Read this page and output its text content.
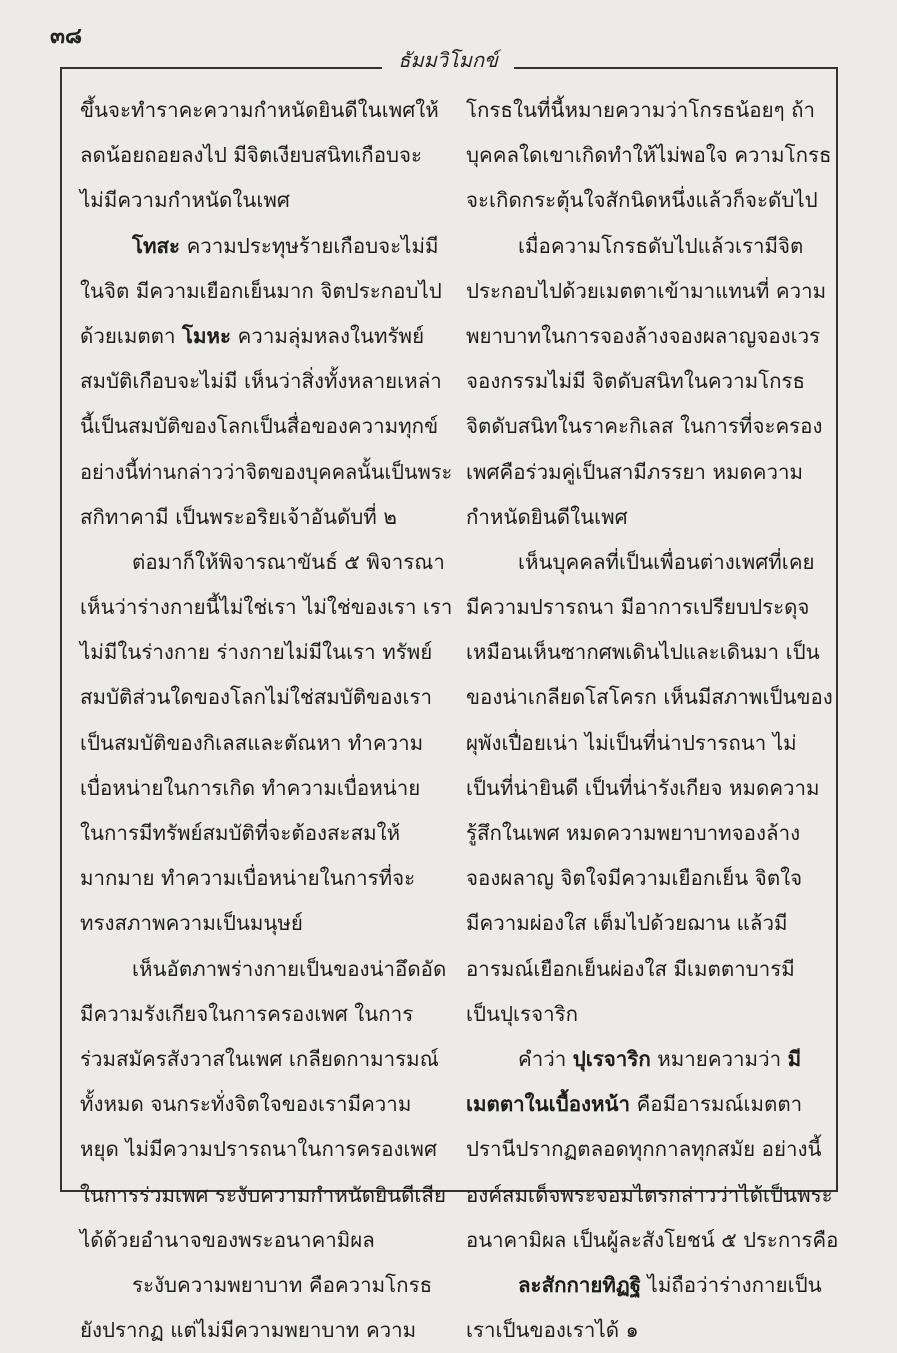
๓๘
ธัมมวิโมกข์
ขึ้นจะทำราคะความกำหนัดยินดีในเพศให้
ลดน้อยถอยลงไป มีจิตเงียบสนิทเกือบจะ
ไม่มีความกำหนัดในเพศ
โทสะ ความประทุษร้ายเกือบจะไม่มี
ในจิต มีความเยือกเย็นมาก จิตประกอบไป
ด้วยเมตตา โมหะ ความลุ่มหลงในทรัพย์
สมบัติเกือบจะไม่มี เห็นว่าสิ่งทั้งหลายเหล่า
นี้เป็นสมบัติของโลกเป็นสื่อของความทุกข์
อย่างนี้ท่านกล่าวว่าจิตของบุคคลนั้นเป็นพระ
สกิทาคามี เป็นพระอริยเจ้าอันดับที่ ๒
ต่อมาก็ให้พิจารณาขันธ์ ๕ พิจารณา
เห็นว่าร่างกายนี้ไม่ใช่เรา ไม่ใช่ของเรา เรา
ไม่มีในร่างกาย ร่างกายไม่มีในเรา ทรัพย์
สมบัติส่วนใดของโลกไม่ใช่สมบัติของเรา
เป็นสมบัติของกิเลสและตัณหา ทำความ
เบื่อหน่ายในการเกิด ทำความเบื่อหน่าย
ในการมีทรัพย์สมบัติที่จะต้องสะสมให้
มากมาย ทำความเบื่อหน่ายในการที่จะ
ทรงสภาพความเป็นมนุษย์
เห็นอัตภาพร่างกายเป็นของน่าอึดอัด
มีความรังเกียจในการครองเพศ ในการ
ร่วมสมัครสังวาสในเพศ เกลียดกามารมณ์
ทั้งหมด จนกระทั่งจิตใจของเรามีความ
หยุด ไม่มีความปรารถนาในการครองเพศ
ในการร่วมเพศ ระงับความกำหนัดยินดีเสีย
ได้ด้วยอำนาจของพระอนาคามิผล
ระงับความพยาบาท คือความโกรธ
ยังปรากฏ แต่ไม่มีความพยาบาท ความ
โกรธในที่นี้หมายความว่าโกรธน้อยๆ ถ้า
บุคคลใดเขาเกิดทำให้ไม่พอใจ ความโกรธ
จะเกิดกระตุ้นใจสักนิดหนึ่งแล้วก็จะดับไป
เมื่อความโกรธดับไปแล้วเรามีจิต
ประกอบไปด้วยเมตตาเข้ามาแทนที่ ความ
พยาบาทในการจองล้างจองผลาญจองเวร
จองกรรมไม่มี จิตดับสนิทในความโกรธ
จิตดับสนิทในราคะกิเลส ในการที่จะครอง
เพศคือร่วมคู่เป็นสามีภรรยา หมดความ
กำหนัดยินดีในเพศ
เห็นบุคคลที่เป็นเพื่อนต่างเพศที่เคย
มีความปรารถนา มีอาการเปรียบประดุจ
เหมือนเห็นซากศพเดินไปและเดินมา เป็น
ของน่าเกลียดโสโครก เห็นมีสภาพเป็นของ
ผุพังเปื่อยเน่า ไม่เป็นที่น่าปรารถนา ไม่
เป็นที่น่ายินดี เป็นที่น่ารังเกียจ หมดความ
รู้สึกในเพศ หมดความพยาบาทจองล้าง
จองผลาญ จิตใจมีความเยือกเย็น จิตใจ
มีความผ่องใส เต็มไปด้วยฌาน แล้วมี
อารมณ์เยือกเย็นผ่องใส มีเมตตาบารมี
เป็นปุเรจาริก
คำว่า ปุเรจาริก หมายความว่า มี
เมตตาในเบื้องหน้า คือมีอารมณ์เมตตา
ปรานีปรากฏตลอดทุกกาลทุกสมัย อย่างนี้
องค์สมเด็จพระจอมไตรกล่าวว่าได้เป็นพระ
อนาคามิผล เป็นผู้ละสังโยชน์ ๕ ประการคือ
ละสักกายทิฏฐิ ไม่ถือว่าร่างกายเป็น
เราเป็นของเราได้ ๑
